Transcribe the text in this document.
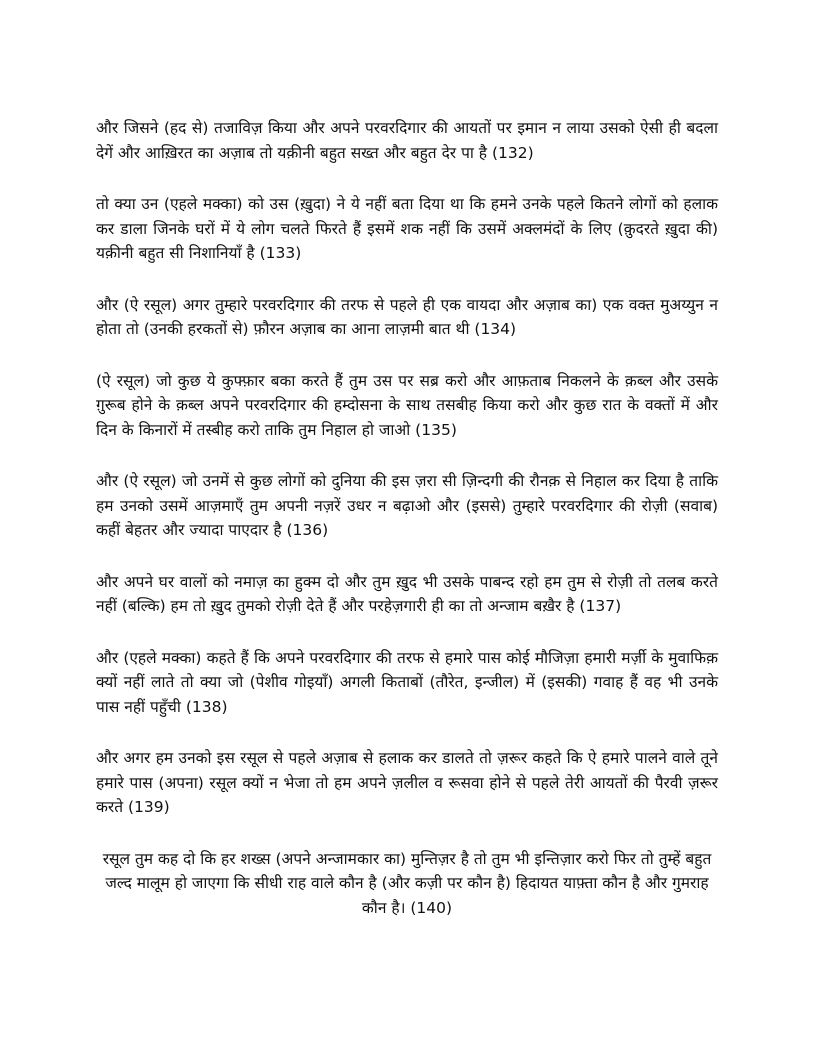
और जिसने (हद से) तजाविज़ किया और अपने परवरदिगार की आयतों पर इमान न लाया उसको ऐसी ही बदला देगें और आख़िरत का अज़ाब तो यक़ीनी बहुत सख्त और बहुत देर पा है (132)

तो क्या उन (एहले मक्का) को उस (ख़ुदा) ने ये नहीं बता दिया था कि हमने उनके पहले कितने लोगों को हलाक कर डाला जिनके घरों में ये लोग चलते फिरते हैं इसमें शक नहीं कि उसमें अक्लमंदों के लिए (क़ुदरते ख़ुदा की) यक़ीनी बहुत सी निशानियाँ है (133)

और (ऐ रसूल) अगर तुम्हारे परवरदिगार की तरफ से पहले ही एक वायदा और अज़ाब का) एक वक्त मुअय्युन न होता तो (उनकी हरकतों से) फ़ौरन अज़ाब का आना लाज़मी बात थी (134)

(ऐ रसूल) जो कुछ ये कुफ्फ़ार बका करते हैं तुम उस पर सब्र करो और आफ़ताब निकलने के क़ब्ल और उसके ग़ुरूब होने के क़ब्ल अपने परवरदिगार की हम्दोसना के साथ तसबीह किया करो और कुछ रात के वक्तों में और दिन के किनारों में तस्बीह करो ताकि तुम निहाल हो जाओ (135)

और (ऐ रसूल) जो उनमें से कुछ लोगों को दुनिया की इस ज़रा सी ज़िन्दगी की रौनक़ से निहाल कर दिया है ताकि हम उनको उसमें आज़माएँ तुम अपनी नज़रें उधर न बढ़ाओ और (इससे) तुम्हारे परवरदिगार की रोज़ी (सवाब) कहीं बेहतर और ज्यादा पाएदार है (136)

और अपने घर वालों को नमाज़ का हुक्म दो और तुम ख़ुद भी उसके पाबन्द रहो हम तुम से रोज़ी तो तलब करते नहीं (बल्कि) हम तो ख़ुद तुमको रोज़ी देते हैं और परहेज़गारी ही का तो अन्जाम बख़ैर है (137)

और (एहले मक्का) कहते हैं कि अपने परवरदिगार की तरफ से हमारे पास कोई मौजिज़ा हमारी मर्ज़ी के मुवाफिक़ क्यों नहीं लाते तो क्या जो (पेशीव गोइयाँ) अगली किताबों (तौरेत, इन्जील) में (इसकी) गवाह हैं वह भी उनके पास नहीं पहुँची (138)

और अगर हम उनको इस रसूल से पहले अज़ाब से हलाक कर डालते तो ज़रूर कहते कि ऐ हमारे पालने वाले तूने हमारे पास (अपना) रसूल क्यों न भेजा तो हम अपने ज़लील व रूसवा होने से पहले तेरी आयतों की पैरवी ज़रूर करते (139)

रसूल तुम कह दो कि हर शख्स (अपने अन्जामकार का) मुन्तिज़र है तो तुम भी इन्तिज़ार करो फिर तो तुम्हें बहुत जल्द मालूम हो जाएगा कि सीधी राह वाले कौन है (और कज़ी पर कौन है) हिदायत याफ़्ता कौन है और गुमराह कौन है। (140)
